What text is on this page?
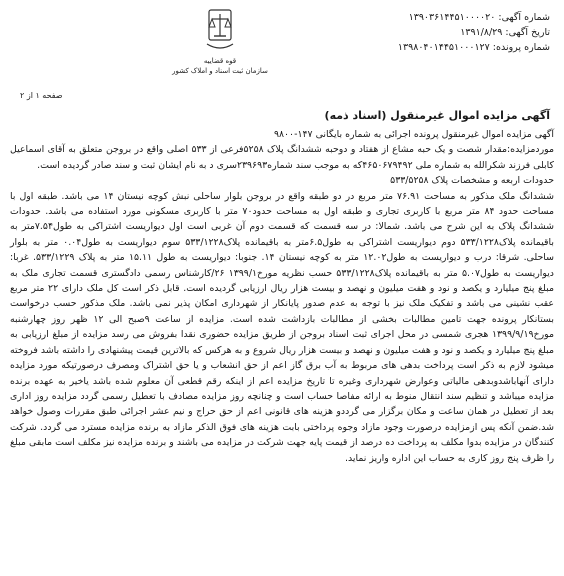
شماره آگهی: ۱۳۹۰۳۶۱۴۴۵۱۰۰۰۰۲۰
تاریخ آگهی: ۱۳۹۱/۸/۲۹
شماره پرونده: ۱۳۹۸۰۴۰۱۴۴۵۱۰۰۰۱۲۷
قوه قضاییه
سازمان ثبت اسناد و املاک کشور
صفحه ۱ از ۲
آگهی مزایده اموال غیرمنقول (اسناد ذمه)

آگهی مزایده اموال غیرمنقول پرونده اجرائی به شماره بایگانی ۱۴۷-۹۸۰۰

موردمزایده:مقدار شصت و یک حبه مشاع از هفتاد و دوحبه ششدانگ پلاک ۵۲۵۸فرعی از ۵۳۳ اصلی واقع در بروجن متعلق به آقای اسماعیل کابلی فرزند شکرالله به شماره ملی ۴۶۵۰۶۷۹۴۹۲که به موجب سند شماره۲۳۹۶۹۳سری د به نام ایشان ثبت و سند صادر گردیده است.

حدودات اربعه و مشخصات پلاک ۵۳۳/۵۲۵۸

ششدانگ ملک مذکور به مساحت ۷۶.۹۱ متر مربع در دو طبقه واقع در بروجن بلوار ساحلی نبش کوچه نیستان ۱۴ می باشد. طبقه اول با مساحت حدود ۸۴ متر مربع با کاربری تجاری و طبقه اول به مساحت حدود۷۰ متر با کاربری مسکونی مورد استفاده می باشد. حدودات ششدانگ پلاک به این شرح می باشد. شمالا: در سه قسمت که قسمت دوم آن غربی است اول دیواریست اشتراکی به طول۷.۵۴متر به باقیمانده پلاک۵۳۳/۱۲۲۸ دوم دیواریست اشتراکی به طول۶.۵متر به باقیمانده پلاک۵۳۳/۱۲۲۸ سوم دیواریست به طول۰.۰۴ متر به بلوار ساحلی. شرقا: درب و دیواریست به طول۱۲.۰۲ متر به کوچه نیستان ۱۴. جنوبا: دیواریست به طول ۱۵.۱۱ متر به پلاک ۵۳۳/۱۲۲۹. غربا: دیواریست به طول۵.۰۷ متر به باقیمانده پلاک۵۳۳/۱۲۲۸ حسب نظریه مورخ۱۳۹۹/۱ ۲۶/کارشناس رسمی دادگستری قسمت تجاری ملک به مبلغ پنج میلیارد و یکصد و نود و هفت میلیون و نهصد و بیست هزار ریال ارزیابی گردیده است. قابل ذکر است کل ملک دارای ۲۲ متر مربع عقب نشینی می باشد و تفکیک ملک نیز با توجه به عدم صدور پایانکار از شهرداری امکان پذیر نمی باشد. ملک مذکور حسب درخواست بستانکار پرونده جهت تامین مطالبات بخشی از مطالبات بازداشت شده است. مزایده از ساعت ۹صبح الی ۱۲ ظهر روز چهارشنبه مورخ۱۳۹۹/۹/۱۹ هجری شمسی در محل اجرای ثبت اسناد بروجن از طریق مزایده حضوری نقدا بفروش می رسد مزایده از مبلغ ارزیابی به مبلغ پنج میلیارد و یکصد و نود و هفت میلیون و نهصد و بیست هزار ریال شروع و به هرکس که بالاترین قیمت پیشنهادی را داشته باشد فروخته میشود لازم به ذکر است پرداخت بدهی های مربوط به آب برق گاز اعم از حق انشعاب و یا حق اشتراک ومصرف درصورتیکه مورد مزایده دارای آنهاباشدوبدهی مالیاتی وعوارض شهرداری وغیره تا تاریخ مزایده اعم از اینکه رقم قطعی آن معلوم شده باشد یاخیر به عهده برنده مزایده میباشد و تنظیم سند انتقال منوط به ارائه مفاصا حساب است و چنانچه روز مزایده مصادف با تعطیل رسمی گردد مزایده روز اداری بعد از تعطیل در همان ساعت و مکان برگزار می گرددو هزینه های قانونی اعم از حق حراج و نیم عشر اجرائی طبق مقررات وصول خواهد شد.ضمن آنکه پس ازمزایده درصورت وجود مازاد وجوه پرداختی بابت هزینه های فوق الذکر مازاد به برنده مزایده مسترد می گردد. شرکت کنندگان در مزایده بدوا مکلف به پرداخت ده درصد از قیمت پایه جهت شرکت در مزایده می باشند و برنده مزایده نیز مکلف است مابقی مبلغ را ظرف پنج روز کاری به حساب این اداره واریز نماید.
